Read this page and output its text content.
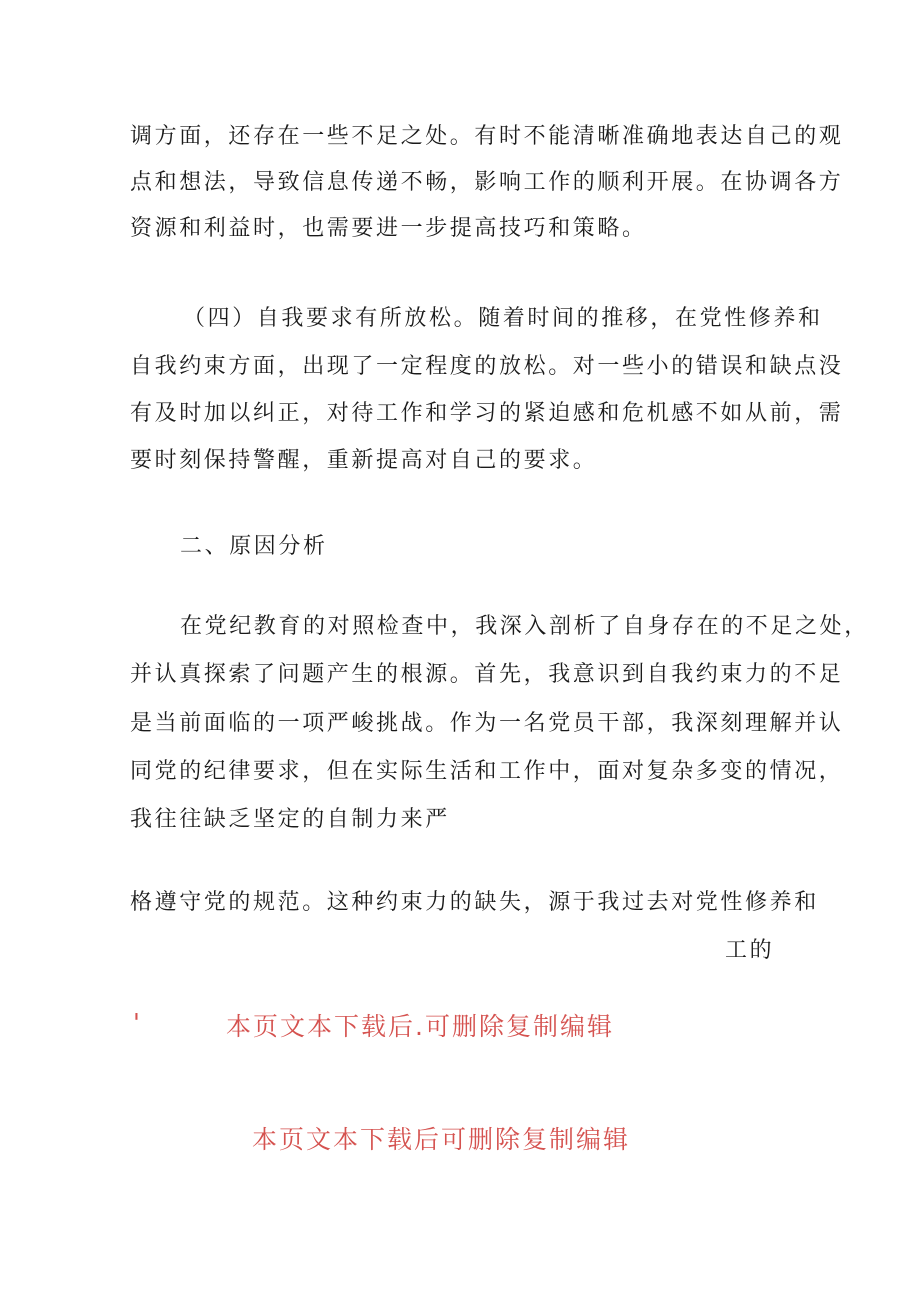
调方面，还存在一些不足之处。有时不能清晰准确地表达自己的观

点和想法，导致信息传递不畅，影响工作的顺利开展。在协调各方

资源和利益时，也需要进一步提高技巧和策略。

（四）自我要求有所放松。随着时间的推移，在党性修养和

自我约束方面，出现了一定程度的放松。对一些小的错误和缺点没

有及时加以纠正，对待工作和学习的紧迫感和危机感不如从前，需

要时刻保持警醒，重新提高对自己的要求。

二、原因分析

在党纪教育的对照检查中，我深入剖析了自身存在的不足之处，

并认真探索了问题产生的根源。首先，我意识到自我约束力的不足

是当前面临的一项严峻挑战。作为一名党员干部，我深刻理解并认

同党的纪律要求，但在实际生活和工作中，面对复杂多变的情况，

我往往缺乏坚定的自制力来严

格遵守党的规范。这种约束力的缺失，源于我过去对党性修养和

工的

'	本页文本下载后.可删除复制编辑
本页文本下载后可删除复制编辑
